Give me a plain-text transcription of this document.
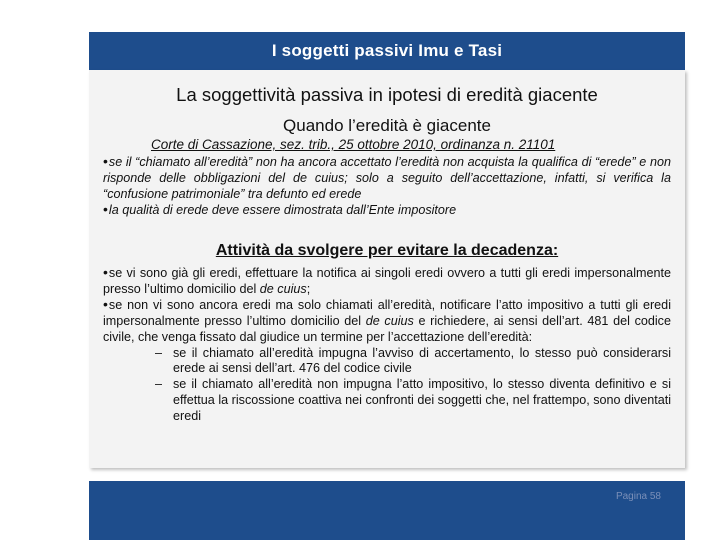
I soggetti passivi Imu e Tasi
La soggettività passiva in ipotesi di eredità giacente
Quando l’eredità è giacente
Corte di Cassazione, sez. trib., 25 ottobre 2010, ordinanza n. 21101
•se il “chiamato all’eredità” non ha ancora accettato l’eredità non acquista la qualifica di “erede” e non risponde delle obbligazioni del de cuius; solo a seguito dell’accettazione, infatti, si verifica la “confusione patrimoniale” tra defunto ed erede
•la qualità di erede deve essere dimostrata dall’Ente impositore
Attività da svolgere per evitare la decadenza:
•se vi sono già gli eredi, effettuare la notifica ai singoli eredi ovvero a tutti gli eredi impersonalmente presso l’ultimo domicilio del de cuius;
•se non vi sono ancora eredi ma solo chiamati all’eredità, notificare l’atto impositivo a tutti gli eredi impersonalmente presso l’ultimo domicilio del de cuius e richiedere, ai sensi dell’art. 481 del codice civile, che venga fissato dal giudice un termine per l’accettazione dell’eredità:
– se il chiamato all’eredità impugna l’avviso di accertamento, lo stesso può considerarsi erede ai sensi dell’art. 476 del codice civile
– se il chiamato all’eredità non impugna l’atto impositivo, lo stesso diventa definitivo e si effettua la riscossione coattiva nei confronti dei soggetti che, nel frattempo, sono diventati eredi
Pagina 58
